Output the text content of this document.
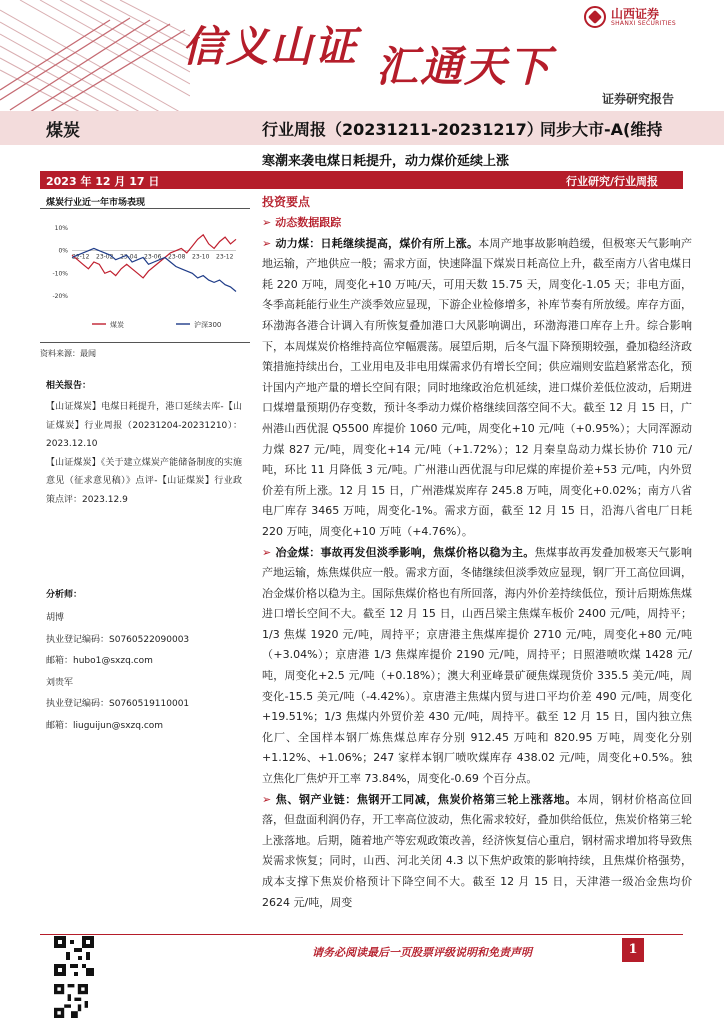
信义山证 汇通天下
山西证券
SHANXI SECURITIES
证券研究报告
煤炭	行业周报（20231211-20231217）
同步大市-A(维持
寒潮来袭电煤日耗提升，动力煤价延续上涨
2023 年 12 月 17 日	行业研究/行业周报
煤炭行业近一年市场表现
10%
0%
-10%
-20%
22-12 23-02 23-04 23-06 23-08 23-10 23-12
煤炭	沪深300
资料来源：最闻
相关报告：

【山证煤炭】电煤日耗提升，港口延续去库-【山证煤炭】行业周报（20231204-20231210）：2023.12.10

【山证煤炭】《关于建立煤炭产能储备制度的实施意见（征求意见稿）》点评-【山证煤炭】行业政策点评：2023.12.9

分析师：
胡博
执业登记编码：S0760522090003
邮箱：hubo1@sxzq.com
刘贵军
执业登记编码：S0760519110001
邮箱：liuguijun@sxzq.com
投资要点

➢ 动态数据跟踪

➢ 动力煤：日耗继续提高，煤价有所上涨。本周产地事故影响趋缓，但极寒天气影响产地运输，产地供应一般；需求方面，快速降温下煤炭日耗高位上升，截至南方八省电煤日耗 220 万吨，周变化+10 万吨/天，可用天数 15.75 天，周变化-1.05 天；非电方面，冬季高耗能行业生产淡季效应显现，下游企业检修增多，补库节奏有所放缓。库存方面，环渤海各港合计调入有所恢复叠加港口大风影响调出，环渤海港口库存上升。综合影响下，本周煤炭价格维持高位窄幅震荡。展望后期，后冬气温下降预期较强，叠加稳经济政策措施持续出台，工业用电及非电用煤需求仍有增长空间；供应端则安监趋紧常态化，预计国内产地产量的增长空间有限；同时地缘政治危机延续，进口煤价差低位波动，后期进口煤增量预期仍存变数，预计冬季动力煤价格继续回落空间不大。截至 12 月 15 日，广州港山西优混 Q5500 库提价 1060 元/吨，周变化+10 元/吨（+0.95%）；大同浑源动力煤 827 元/吨，周变化+14 元/吨（+1.72%）；12 月秦皇岛动力煤长协价 710 元/吨，环比 11 月降低 3 元/吨。广州港山西优混与印尼煤的库提价差+53 元/吨，内外贸价差有所上涨。12 月 15 日，广州港煤炭库存 245.8 万吨，周变化+0.02%；南方八省电厂库存 3465 万吨，周变化-1%。需求方面，截至 12 月 15 日，沿海八省电厂日耗 220 万吨，周变化+10 万吨（+4.76%）。

➢ 冶金煤：事故再发但淡季影响，焦煤价格以稳为主。焦煤事故再发叠加极寒天气影响产地运输，炼焦煤供应一般。需求方面，冬储继续但淡季效应显现，钢厂开工高位回调，冶金煤价格以稳为主。国际焦煤价格也有所回落，海内外价差持续低位，预计后期炼焦煤进口增长空间不大。截至 12 月 15 日，山西吕梁主焦煤车板价 2400 元/吨，周持平；1/3 焦煤 1920 元/吨，周持平；京唐港主焦煤库提价 2710 元/吨，周变化+80 元/吨（+3.04%）；京唐港 1/3 焦煤库提价 2190 元/吨，周持平；日照港喷吹煤 1428 元/吨，周变化+2.5 元/吨（+0.18%）；澳大利亚峰景矿硬焦煤现货价 335.5 美元/吨，周变化-15.5 美元/吨（-4.42%）。京唐港主焦煤内贸与进口平均价差 490 元/吨，周变化+19.51%；1/3 焦煤内外贸价差 430 元/吨，周持平。截至 12 月 15 日，国内独立焦化厂、全国样本钢厂炼焦煤总库存分别 912.45 万吨和 820.95 万吨，周变化分别+1.12%、+1.06%；247 家样本钢厂喷吹煤库存 438.02 元/吨，周变化+0.5%。独立焦化厂焦炉开工率 73.84%，周变化-0.69 个百分点。

➢ 焦、钢产业链：焦钢开工同减，焦炭价格第三轮上涨落地。本周，钢材价格高位回落，但盘面利润仍存，开工率高位波动，焦化需求较好，叠加供给低位，焦炭价格第三轮上涨落地。后期，随着地产等宏观政策改善，经济恢复信心重启，钢材需求增加将导致焦炭需求恢复；同时，山西、河北关闭 4.3 以下焦炉政策的影响持续，且焦煤价格强势，成本支撑下焦炭价格预计下降空间不大。截至 12 月 15 日，天津港一级冶金焦均价 2624 元/吨，周变

请务必阅读最后一页股票评级说明和免责声明	1
